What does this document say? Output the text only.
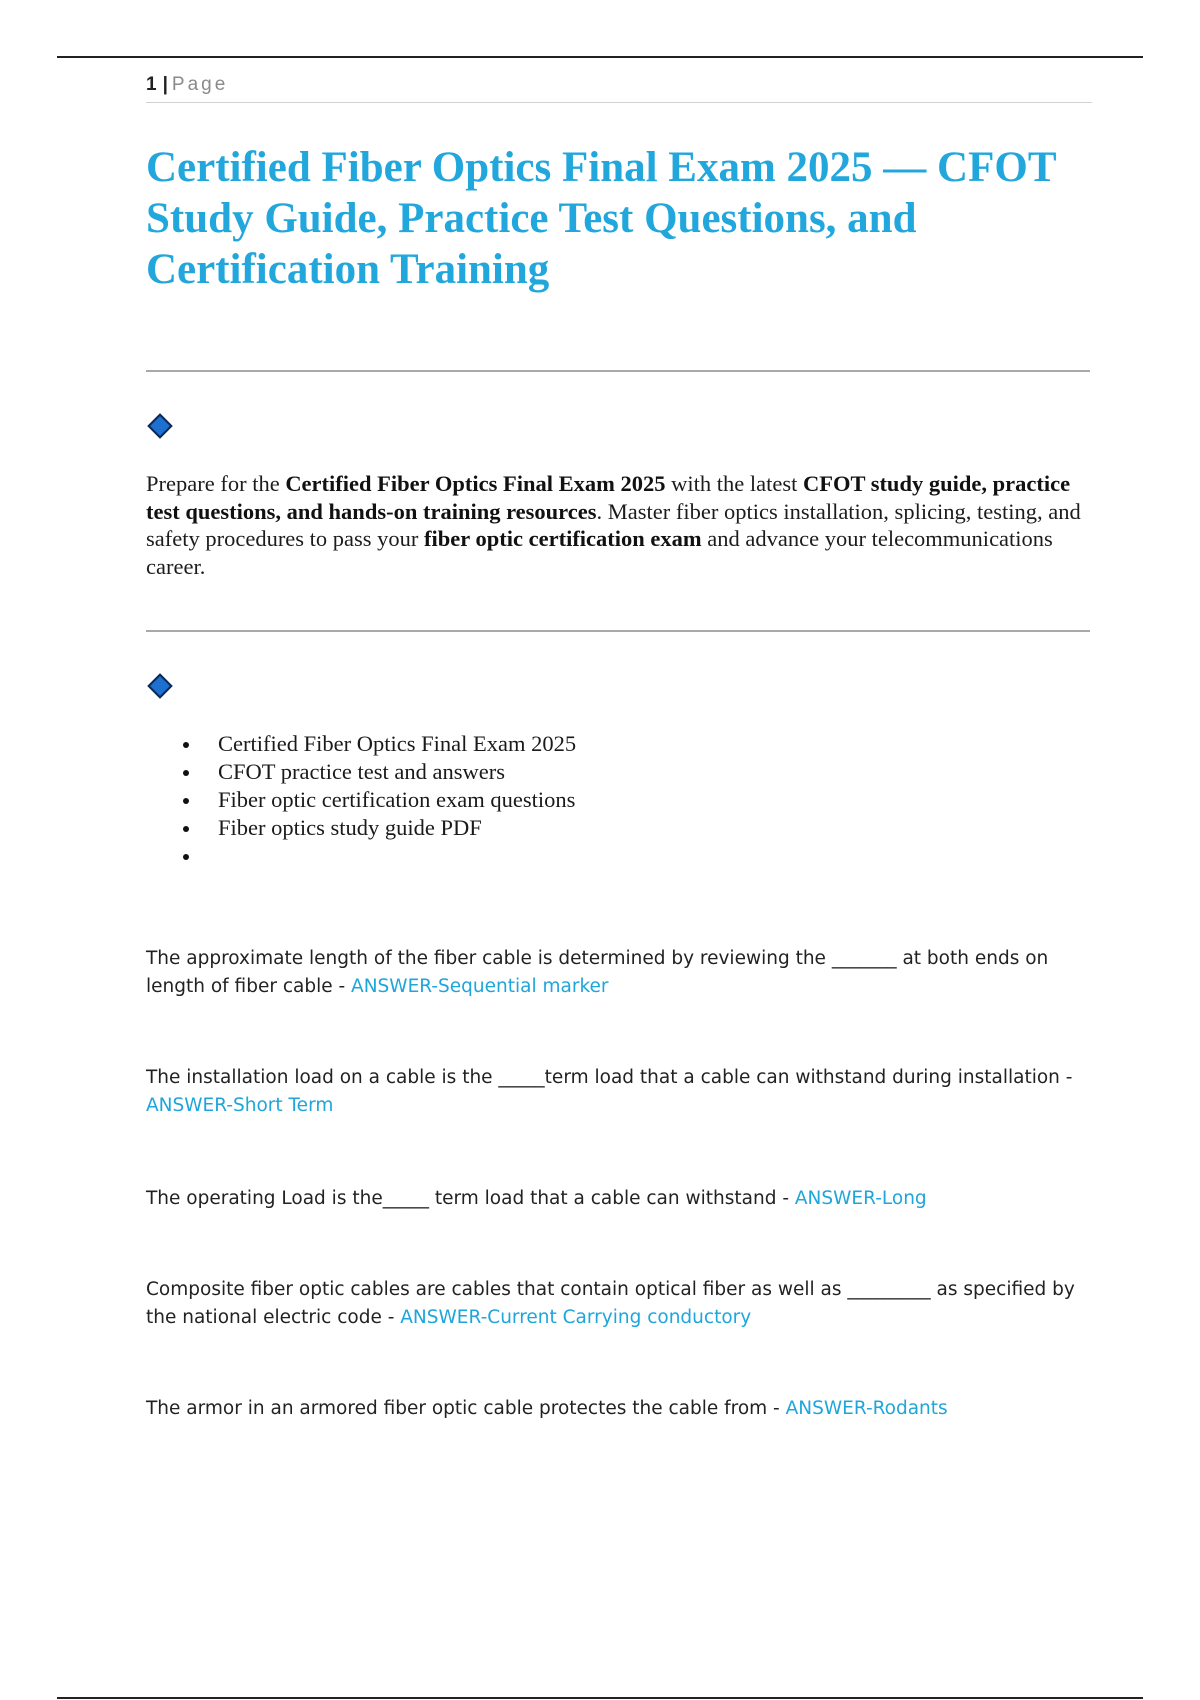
1 | Page
Certified Fiber Optics Final Exam 2025 — CFOT Study Guide, Practice Test Questions, and Certification Training

Prepare for the Certified Fiber Optics Final Exam 2025 with the latest CFOT study guide, practice test questions, and hands-on training resources. Master fiber optics installation, splicing, testing, and safety procedures to pass your fiber optic certification exam and advance your telecommunications career.

Certified Fiber Optics Final Exam 2025
CFOT practice test and answers
Fiber optic certification exam questions
Fiber optics study guide PDF

The approximate length of the fiber cable is determined by reviewing the _______ at both ends on length of fiber cable - ANSWER-Sequential marker

The installation load on a cable is the _____term load that a cable can withstand during installation - ANSWER-Short Term

The operating Load is the_____ term load that a cable can withstand - ANSWER-Long

Composite fiber optic cables are cables that contain optical fiber as well as _________ as specified by the national electric code - ANSWER-Current Carrying conductory

The armor in an armored fiber optic cable protectes the cable from - ANSWER-Rodants
